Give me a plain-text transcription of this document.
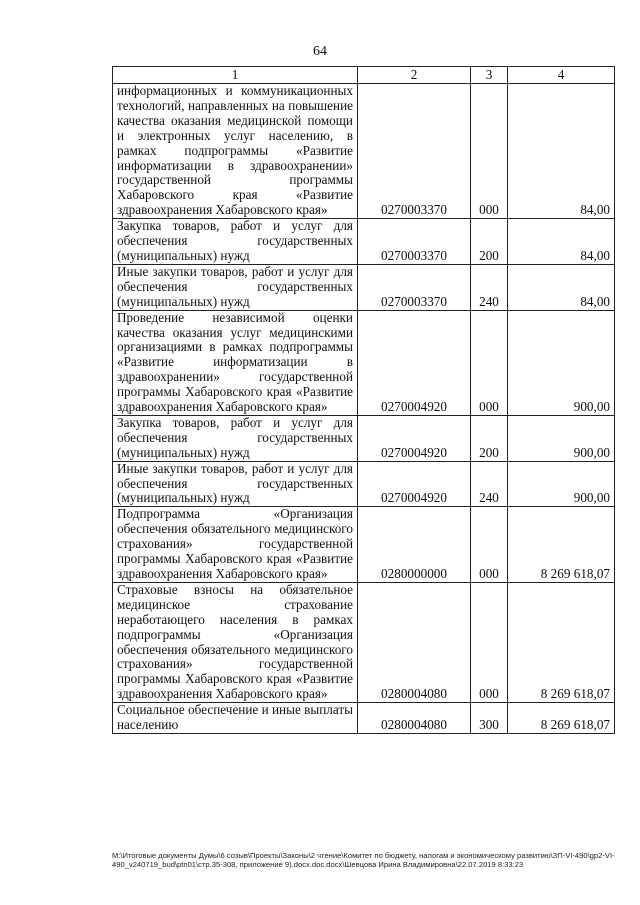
64
1	2	3	4
информационных и коммуникационных технологий, направленных на повышение качества оказания медицинской помощи и электронных услуг населению, в рамках подпрограммы «Развитие информатизации в здравоохранении» государственной программы Хабаровского края «Развитие здравоохранения Хабаровского края»	0270003370	000	84,00
Закупка товаров, работ и услуг для обеспечения государственных (муниципальных) нужд	0270003370	200	84,00
Иные закупки товаров, работ и услуг для обеспечения государственных (муниципальных) нужд	0270003370	240	84,00
Проведение независимой оценки качества оказания услуг медицинскими организациями в рамках подпрограммы «Развитие информатизации в здравоохранении» государственной программы Хабаровского края «Развитие здравоохранения Хабаровского края»	0270004920	000	900,00
Закупка товаров, работ и услуг для обеспечения государственных (муниципальных) нужд	0270004920	200	900,00
Иные закупки товаров, работ и услуг для обеспечения государственных (муниципальных) нужд	0270004920	240	900,00
Подпрограмма «Организация обеспечения обязательного медицинского страхования» государственной программы Хабаровского края «Развитие здравоохранения Хабаровского края»	0280000000	000	8 269 618,07
Страховые взносы на обязательное медицинское страхование неработающего населения в рамках подпрограммы «Организация обеспечения обязательного медицинского страхования» государственной программы Хабаровского края «Развитие здравоохранения Хабаровского края»	0280004080	000	8 269 618,07
Социальное обеспечение и иные выплаты населению	0280004080	300	8 269 618,07
M:\Итоговые документы Думы\6 созыв\Проекты\Законы\2 чтение\Комитет по бюджету, налогам и экономическому развитию\ЗП-VI-490\gp2-VI-490_v240719_bud\ptn01\стр.35-308, приложение 9).docx.doc.docx\Шевцова Ирина Владимировна\22.07.2019 8:33:23
